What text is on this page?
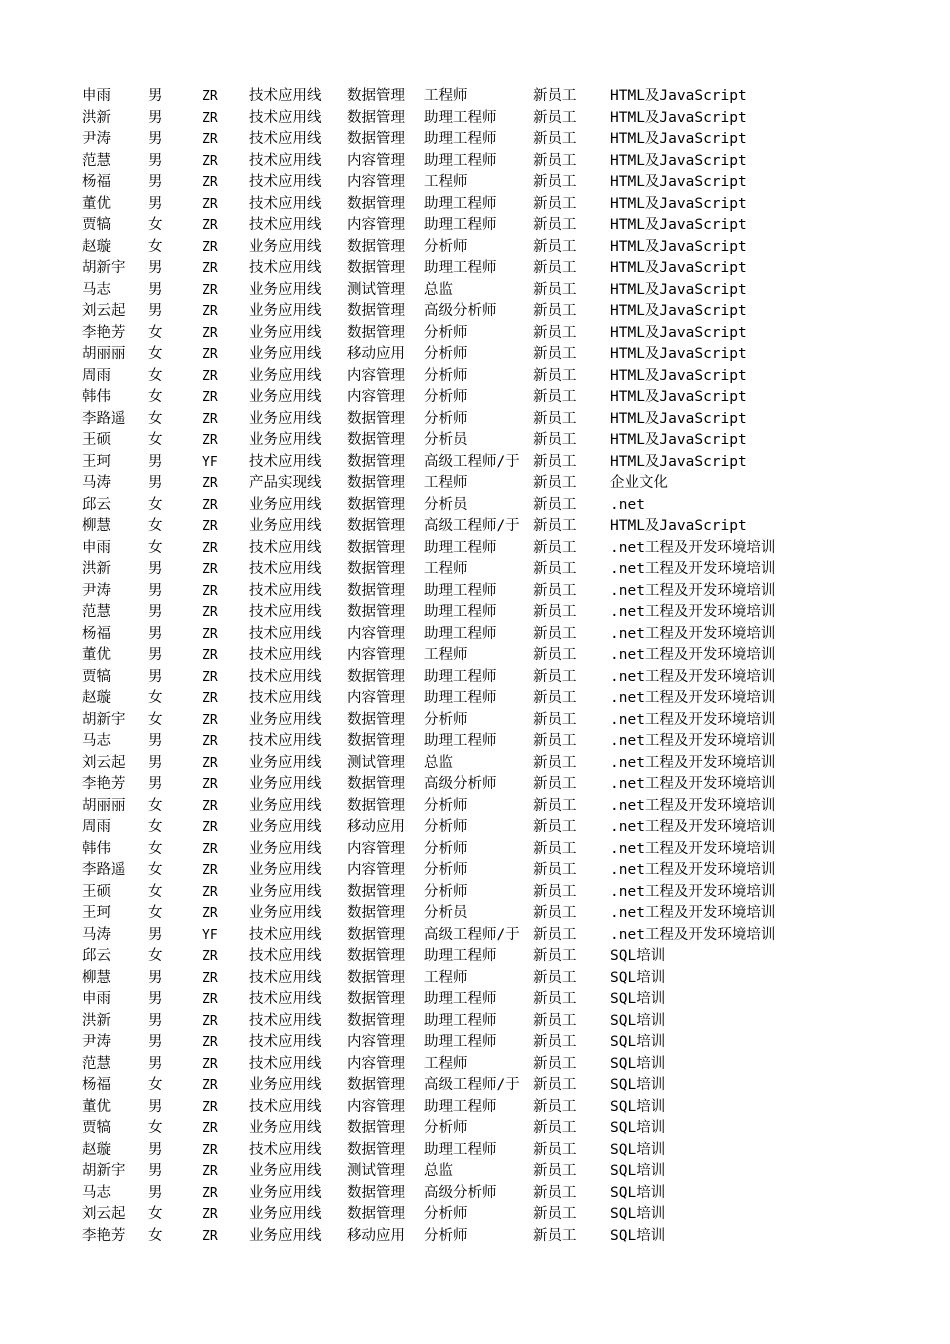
申雨	男	ZR	技术应用线	数据管理	工程师	新员工	HTML及JavaScript
洪新	男	ZR	技术应用线	数据管理	助理工程师	新员工	HTML及JavaScript
尹涛	男	ZR	技术应用线	数据管理	助理工程师	新员工	HTML及JavaScript
范慧	男	ZR	技术应用线	内容管理	助理工程师	新员工	HTML及JavaScript
杨福	男	ZR	技术应用线	内容管理	工程师	新员工	HTML及JavaScript
董优	男	ZR	技术应用线	数据管理	助理工程师	新员工	HTML及JavaScript
贾犒	女	ZR	技术应用线	内容管理	助理工程师	新员工	HTML及JavaScript
赵璇	女	ZR	业务应用线	数据管理	分析师	新员工	HTML及JavaScript
胡新宇	男	ZR	技术应用线	数据管理	助理工程师	新员工	HTML及JavaScript
马志	男	ZR	业务应用线	测试管理	总监	新员工	HTML及JavaScript
刘云起	男	ZR	业务应用线	数据管理	高级分析师	新员工	HTML及JavaScript
李艳芳	女	ZR	业务应用线	数据管理	分析师	新员工	HTML及JavaScript
胡丽丽	女	ZR	业务应用线	移动应用	分析师	新员工	HTML及JavaScript
周雨	女	ZR	业务应用线	内容管理	分析师	新员工	HTML及JavaScript
韩伟	女	ZR	业务应用线	内容管理	分析师	新员工	HTML及JavaScript
李路遥	女	ZR	业务应用线	数据管理	分析师	新员工	HTML及JavaScript
王硕	女	ZR	业务应用线	数据管理	分析员	新员工	HTML及JavaScript
王珂	男	YF	技术应用线	数据管理	高级工程师/于 新员工	HTML及JavaScript
马涛	男	ZR	产品实现线	数据管理	工程师	新员工	企业文化
邱云	女	ZR	业务应用线	数据管理	分析员	新员工	.net
柳慧	女	ZR	业务应用线	数据管理	高级工程师/于 新员工	HTML及JavaScript
申雨	女	ZR	技术应用线	数据管理	助理工程师	新员工	.net工程及开发环境培训
洪新	男	ZR	技术应用线	数据管理	工程师	新员工	.net工程及开发环境培训
尹涛	男	ZR	技术应用线	数据管理	助理工程师	新员工	.net工程及开发环境培训
范慧	男	ZR	技术应用线	数据管理	助理工程师	新员工	.net工程及开发环境培训
杨福	男	ZR	技术应用线	内容管理	助理工程师	新员工	.net工程及开发环境培训
董优	男	ZR	技术应用线	内容管理	工程师	新员工	.net工程及开发环境培训
贾犒	男	ZR	技术应用线	数据管理	助理工程师	新员工	.net工程及开发环境培训
赵璇	女	ZR	技术应用线	内容管理	助理工程师	新员工	.net工程及开发环境培训
胡新宇	女	ZR	业务应用线	数据管理	分析师	新员工	.net工程及开发环境培训
马志	男	ZR	技术应用线	数据管理	助理工程师	新员工	.net工程及开发环境培训
刘云起	男	ZR	业务应用线	测试管理	总监	新员工	.net工程及开发环境培训
李艳芳	男	ZR	业务应用线	数据管理	高级分析师	新员工	.net工程及开发环境培训
胡丽丽	女	ZR	业务应用线	数据管理	分析师	新员工	.net工程及开发环境培训
周雨	女	ZR	业务应用线	移动应用	分析师	新员工	.net工程及开发环境培训
韩伟	女	ZR	业务应用线	内容管理	分析师	新员工	.net工程及开发环境培训
李路遥	女	ZR	业务应用线	内容管理	分析师	新员工	.net工程及开发环境培训
王硕	女	ZR	业务应用线	数据管理	分析师	新员工	.net工程及开发环境培训
王珂	女	ZR	业务应用线	数据管理	分析员	新员工	.net工程及开发环境培训
马涛	男	YF	技术应用线	数据管理	高级工程师/于 新员工	.net工程及开发环境培训
邱云	女	ZR	技术应用线	数据管理	助理工程师	新员工	SQL培训
柳慧	男	ZR	技术应用线	数据管理	工程师	新员工	SQL培训
申雨	男	ZR	技术应用线	数据管理	助理工程师	新员工	SQL培训
洪新	男	ZR	技术应用线	数据管理	助理工程师	新员工	SQL培训
尹涛	男	ZR	技术应用线	内容管理	助理工程师	新员工	SQL培训
范慧	男	ZR	技术应用线	内容管理	工程师	新员工	SQL培训
杨福	女	ZR	业务应用线	数据管理	高级工程师/于 新员工	SQL培训
董优	男	ZR	技术应用线	内容管理	助理工程师	新员工	SQL培训
贾犒	女	ZR	业务应用线	数据管理	分析师	新员工	SQL培训
赵璇	男	ZR	技术应用线	数据管理	助理工程师	新员工	SQL培训
胡新宇	男	ZR	业务应用线	测试管理	总监	新员工	SQL培训
马志	男	ZR	业务应用线	数据管理	高级分析师	新员工	SQL培训
刘云起	女	ZR	业务应用线	数据管理	分析师	新员工	SQL培训
李艳芳	女	ZR	业务应用线	移动应用	分析师	新员工	SQL培训
